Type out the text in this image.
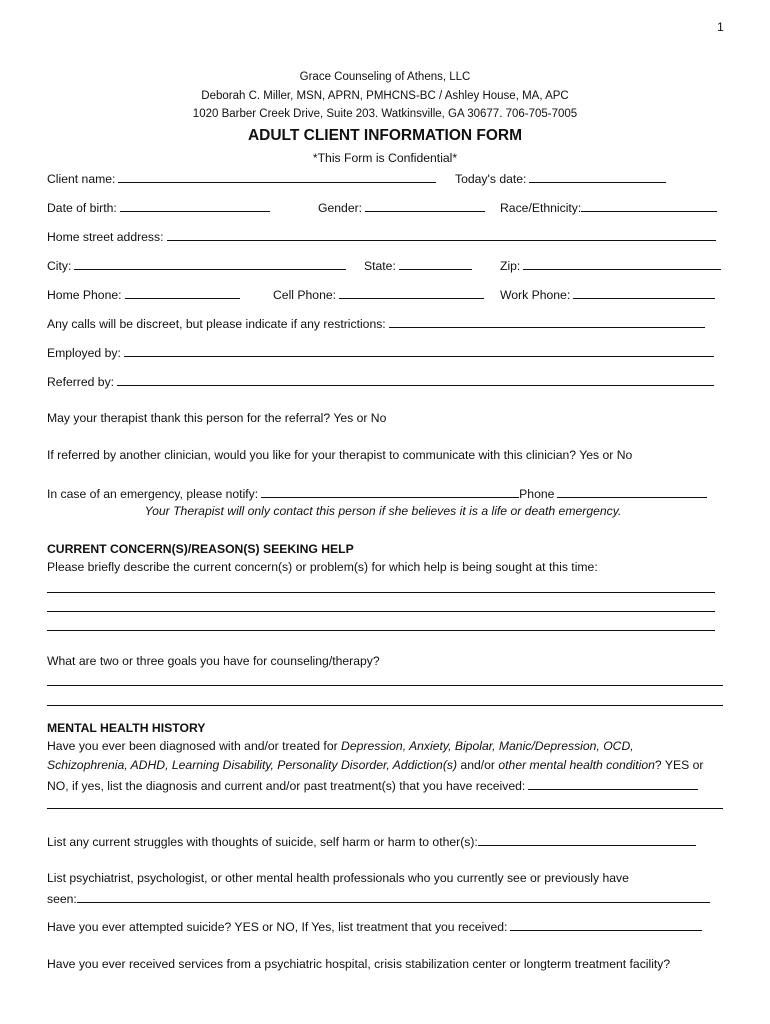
1
Grace Counseling of Athens, LLC
Deborah C. Miller, MSN, APRN, PMHCNS-BC / Ashley House, MA, APC
1020 Barber Creek Drive, Suite 203. Watkinsville, GA 30677. 706-705-7005
ADULT CLIENT INFORMATION FORM
*This Form is Confidential*
Client name:	Today's date:
Date of birth:	Gender:	Race/Ethnicity:
Home street address:
City:	State:	Zip:
Home Phone:	Cell Phone:	Work Phone:
Any calls will be discreet, but please indicate if any restrictions:
Employed by:
Referred by:
May your therapist thank this person for the referral? Yes or No
If referred by another clinician, would you like for your therapist to communicate with this clinician? Yes or No
In case of an emergency, please notify:	Phone
Your Therapist will only contact this person if she believes it is a life or death emergency.
CURRENT CONCERN(S)/REASON(S) SEEKING HELP
Please briefly describe the current concern(s) or problem(s) for which help is being sought at this time:
What are two or three goals you have for counseling/therapy?
MENTAL HEALTH HISTORY
Have you ever been diagnosed with and/or treated for Depression, Anxiety, Bipolar, Manic/Depression, OCD,
Schizophrenia, ADHD, Learning Disability, Personality Disorder, Addiction(s) and/or other mental health condition? YES or
NO, if yes, list the diagnosis and current and/or past treatment(s) that you have received:
List any current struggles with thoughts of suicide, self harm or harm to other(s):
List psychiatrist, psychologist, or other mental health professionals who you currently see or previously have
seen:
Have you ever attempted suicide? YES or NO, If Yes, list treatment that you received:
Have you ever received services from a psychiatric hospital, crisis stabilization center or longterm treatment facility?
